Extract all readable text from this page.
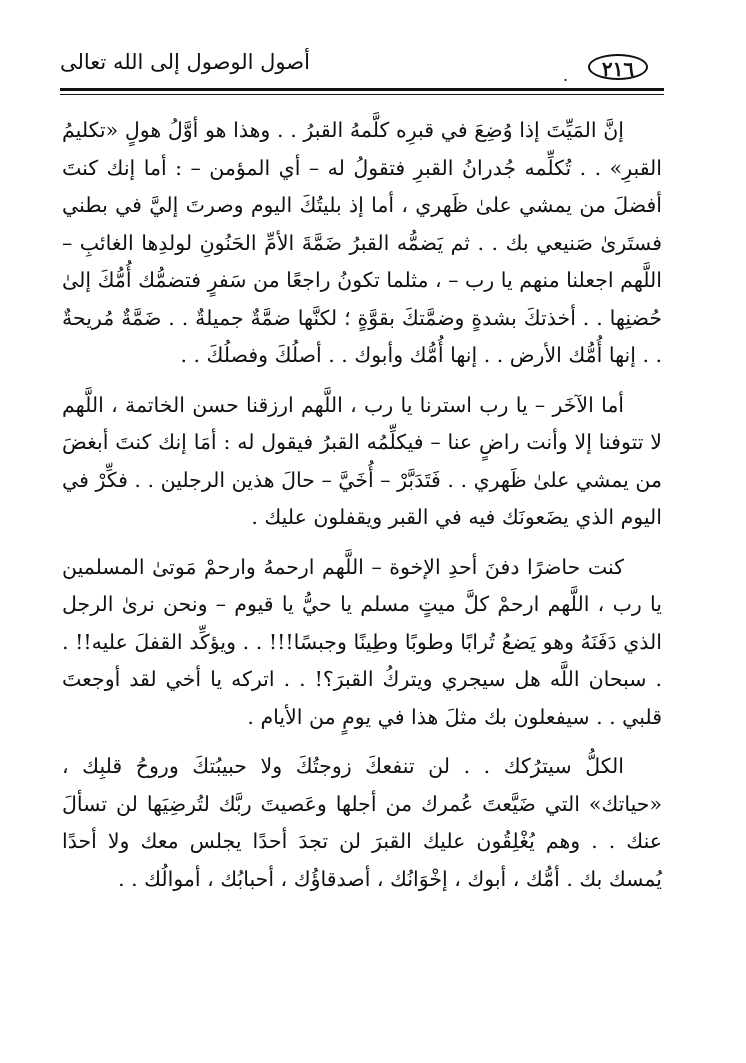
أصول الوصول إلى الله تعالى
.	٢١٦

إنَّ المَيِّتَ إذا وُضِعَ في قبرِه كلَّمهُ القبرُ . . وهذا هو أوَّلُ هولٍ «تكليمُ القبرِ» . . تُكلِّمه جُدرانُ القبرِ فتقولُ له – أي المؤمن – : أما إنك كنتَ أفضلَ من يمشي علىٰ ظَهري ، أما إذ بليتُكَ اليوم وصرتَ إليَّ في بطني فستَرىٰ صَنيعي بك . . ثم يَضمُّه القبرُ ضَمَّةَ الأمِّ الحَنُونِ لولدِها الغائبِ – اللَّهم اجعلنا منهم يا رب – ، مثلما تكونُ راجعًا من سَفرٍ فتضمُّك أُمُّكَ إلىٰ حُضنِها . . أخذتكَ بشدةٍ وضمَّتكَ بقوَّةٍ ؛ لكنَّها ضمَّةٌ جميلةٌ . . ضَمَّةٌ مُريحةٌ . . إنها أُمُّك الأرض . . إنها أُمُّك وأبوك . . أصلُكَ وفصلُكَ . .

أما الآخَر – يا رب استرنا يا رب ، اللَّهم ارزقنا حسن الخاتمة ، اللَّهم لا تتوفنا إلا وأنت راضٍ عنا – فيكلِّمُه القبرُ فيقول له : أمَا إنك كنتَ أبغضَ من يمشي علىٰ ظَهري . . فَتَدَبَّرْ – أُخَيَّ – حالَ هذين الرجلين . . فكِّرْ في اليوم الذي يضَعونَك فيه في القبر ويقفلون عليك .

كنت حاضرًا دفنَ أحدِ الإخوة – اللَّهم ارحمهُ وارحمْ مَوتىٰ المسلمين يا رب ، اللَّهم ارحمْ كلَّ ميتٍ مسلم يا حيُّ يا قيوم – ونحن نرىٰ الرجل الذي دَفَنَهُ وهو يَضعُ تُرابًا وطوبًا وطِينًا وجبسًا!!! . . ويؤكِّد القفلَ عليه!! . . سبحان اللَّه هل سيجري ويتركُ القبرَ؟! . . اتركه يا أخي لقد أوجعتَ قلبي . . سيفعلون بك مثلَ هذا في يومٍ من الأيام .

الكلُّ سيترُكك . . لن تنفعكَ زوجتُكَ ولا حبيبُتكَ وروحُ قلبِك ، «حياتك» التي ضَيَّعتَ عُمرك من أجلها وعَصيتَ ربَّك لتُرضِيَها لن تسألَ عنك . . وهم يُغْلِقُون عليك القبرَ لن تجدَ أحدًا يجلس معك ولا أحدًا يُمسك بك . أمُّك ، أبوك ، إخْوَانُك ، أصدقاؤُك ، أحبابُك ، أموالُك . .
